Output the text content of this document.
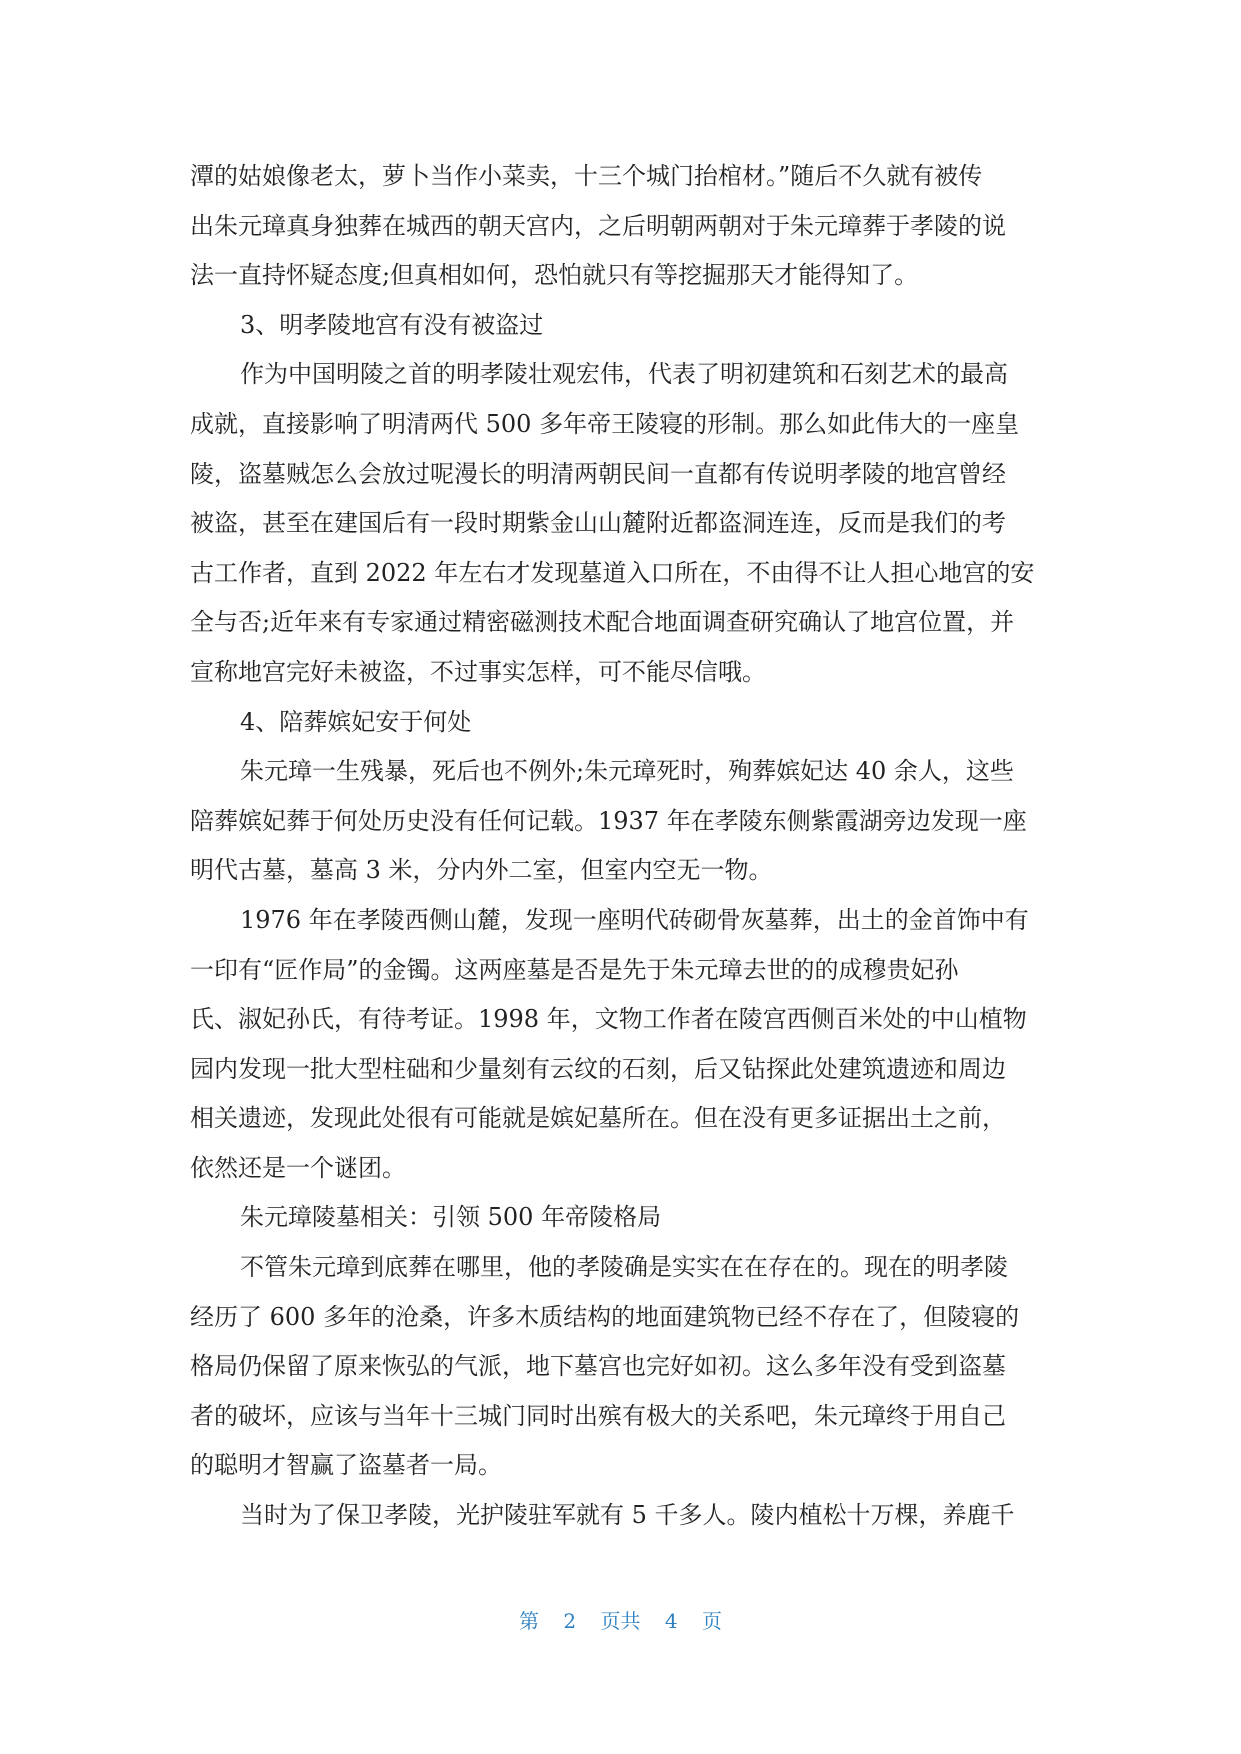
潭的姑娘像老太，萝卜当作小菜卖，十三个城门抬棺材。”随后不久就有被传
出朱元璋真身独葬在城西的朝天宫内，之后明朝两朝对于朱元璋葬于孝陵的说
法一直持怀疑态度;但真相如何，恐怕就只有等挖掘那天才能得知了。
3、明孝陵地宫有没有被盗过
作为中国明陵之首的明孝陵壮观宏伟，代表了明初建筑和石刻艺术的最高
成就，直接影响了明清两代 500 多年帝王陵寝的形制。那么如此伟大的一座皇
陵，盗墓贼怎么会放过呢漫长的明清两朝民间一直都有传说明孝陵的地宫曾经
被盗，甚至在建国后有一段时期紫金山山麓附近都盗洞连连，反而是我们的考
古工作者，直到 2022 年左右才发现墓道入口所在，不由得不让人担心地宫的安
全与否;近年来有专家通过精密磁测技术配合地面调查研究确认了地宫位置，并
宣称地宫完好未被盗，不过事实怎样，可不能尽信哦。
4、陪葬嫔妃安于何处
朱元璋一生残暴，死后也不例外;朱元璋死时，殉葬嫔妃达 40 余人，这些
陪葬嫔妃葬于何处历史没有任何记载。1937 年在孝陵东侧紫霞湖旁边发现一座
明代古墓，墓高 3 米，分内外二室，但室内空无一物。
1976 年在孝陵西侧山麓，发现一座明代砖砌骨灰墓葬，出土的金首饰中有
一印有“匠作局”的金镯。这两座墓是否是先于朱元璋去世的的成穆贵妃孙
氏、淑妃孙氏，有待考证。1998 年，文物工作者在陵宫西侧百米处的中山植物
园内发现一批大型柱础和少量刻有云纹的石刻，后又钻探此处建筑遗迹和周边
相关遗迹，发现此处很有可能就是嫔妃墓所在。但在没有更多证据出土之前，
依然还是一个谜团。
朱元璋陵墓相关：引领 500 年帝陵格局
不管朱元璋到底葬在哪里，他的孝陵确是实实在在存在的。现在的明孝陵
经历了 600 多年的沧桑，许多木质结构的地面建筑物已经不存在了，但陵寝的
格局仍保留了原来恢弘的气派，地下墓宫也完好如初。这么多年没有受到盗墓
者的破坏，应该与当年十三城门同时出殡有极大的关系吧，朱元璋终于用自己
的聪明才智赢了盗墓者一局。
当时为了保卫孝陵，光护陵驻军就有 5 千多人。陵内植松十万棵，养鹿千
第 2 页共 4 页
